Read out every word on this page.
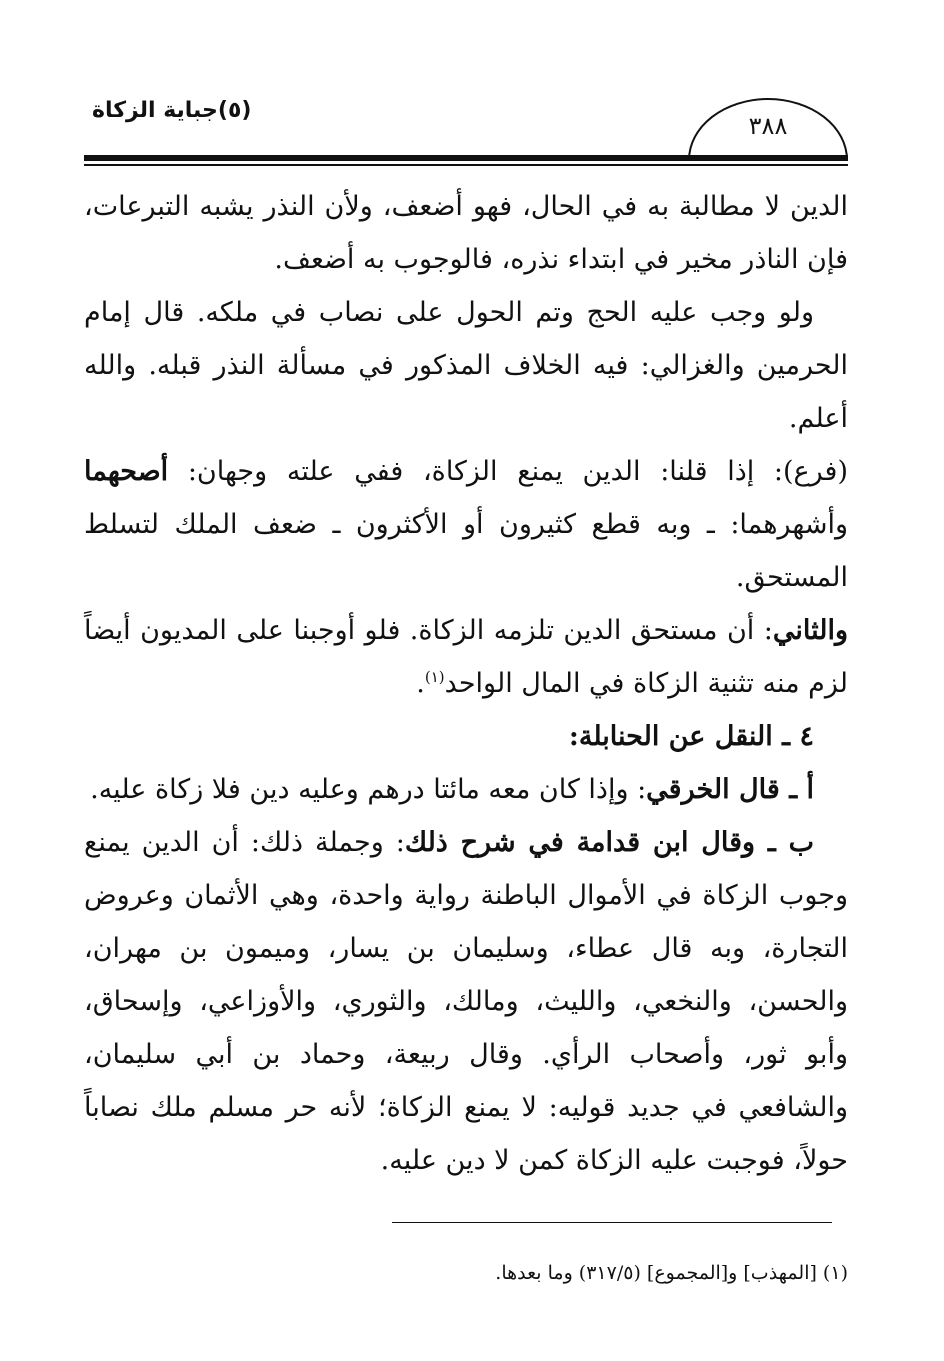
(٥)جباية الزكاة
٣٨٨

الدين لا مطالبة به في الحال، فهو أضعف، ولأن النذر يشبه التبرعات، فإن الناذر مخير في ابتداء نذره، فالوجوب به أضعف.

ولو وجب عليه الحج وتم الحول على نصاب في ملكه. قال إمام الحرمين والغزالي: فيه الخلاف المذكور في مسألة النذر قبله. والله أعلم.

(فرع): إذا قلنا: الدين يمنع الزكاة، ففي علته وجهان: أصحهما وأشهرهما: ـ وبه قطع كثيرون أو الأكثرون ـ ضعف الملك لتسلط المستحق.

والثاني: أن مستحق الدين تلزمه الزكاة. فلو أوجبنا على المديون أيضاً لزم منه تثنية الزكاة في المال الواحد$^{(١)}$.

٤ ـ النقل عن الحنابلة:

أ ـ قال الخرقي: وإذا كان معه مائتا درهم وعليه دين فلا زكاة عليه.

ب ـ وقال ابن قدامة في شرح ذلك: وجملة ذلك: أن الدين يمنع وجوب الزكاة في الأموال الباطنة رواية واحدة، وهي الأثمان وعروض التجارة، وبه قال عطاء، وسليمان بن يسار، وميمون بن مهران، والحسن، والنخعي، والليث، ومالك، والثوري، والأوزاعي، وإسحاق، وأبو ثور، وأصحاب الرأي. وقال ربيعة، وحماد بن أبي سليمان، والشافعي في جديد قوليه: لا يمنع الزكاة؛ لأنه حر مسلم ملك نصاباً حولاً، فوجبت عليه الزكاة كمن لا دين عليه.

(١) [المهذب] و[المجموع] (٣١٧/٥) وما بعدها.
